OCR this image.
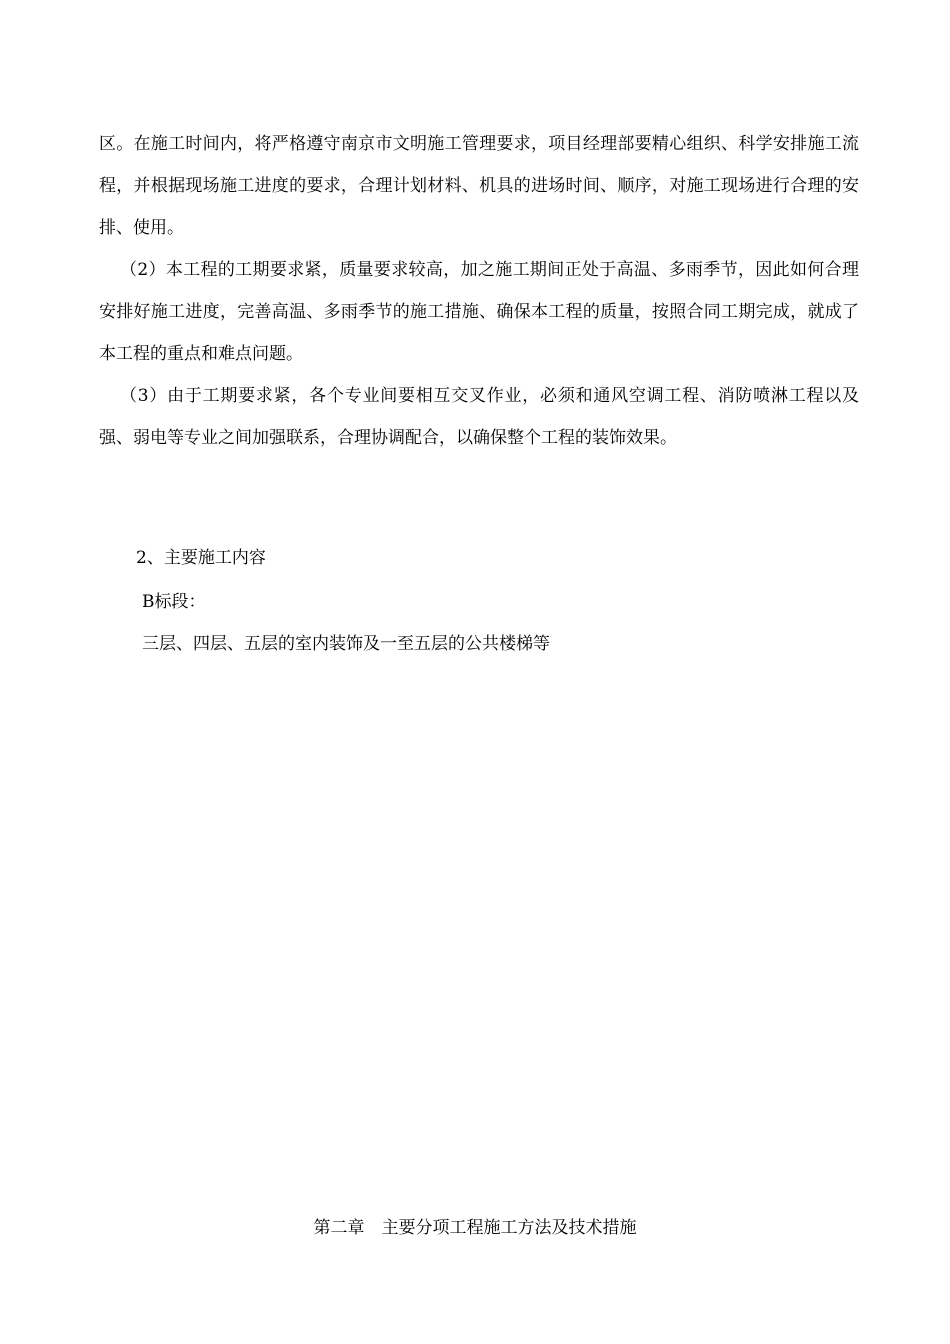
区。在施工时间内，将严格遵守南京市文明施工管理要求，项目经理部要精心组织、科学安排施工流程，并根据现场施工进度的要求，合理计划材料、机具的进场时间、顺序，对施工现场进行合理的安排、使用。

（2）本工程的工期要求紧，质量要求较高，加之施工期间正处于高温、多雨季节，因此如何合理安排好施工进度，完善高温、多雨季节的施工措施、确保本工程的质量，按照合同工期完成，就成了本工程的重点和难点问题。

（3）由于工期要求紧，各个专业间要相互交叉作业，必须和通风空调工程、消防喷淋工程以及强、弱电等专业之间加强联系，合理协调配合，以确保整个工程的装饰效果。

2、主要施工内容

B标段：

三层、四层、五层的室内装饰及一至五层的公共楼梯等

第二章　主要分项工程施工方法及技术措施
